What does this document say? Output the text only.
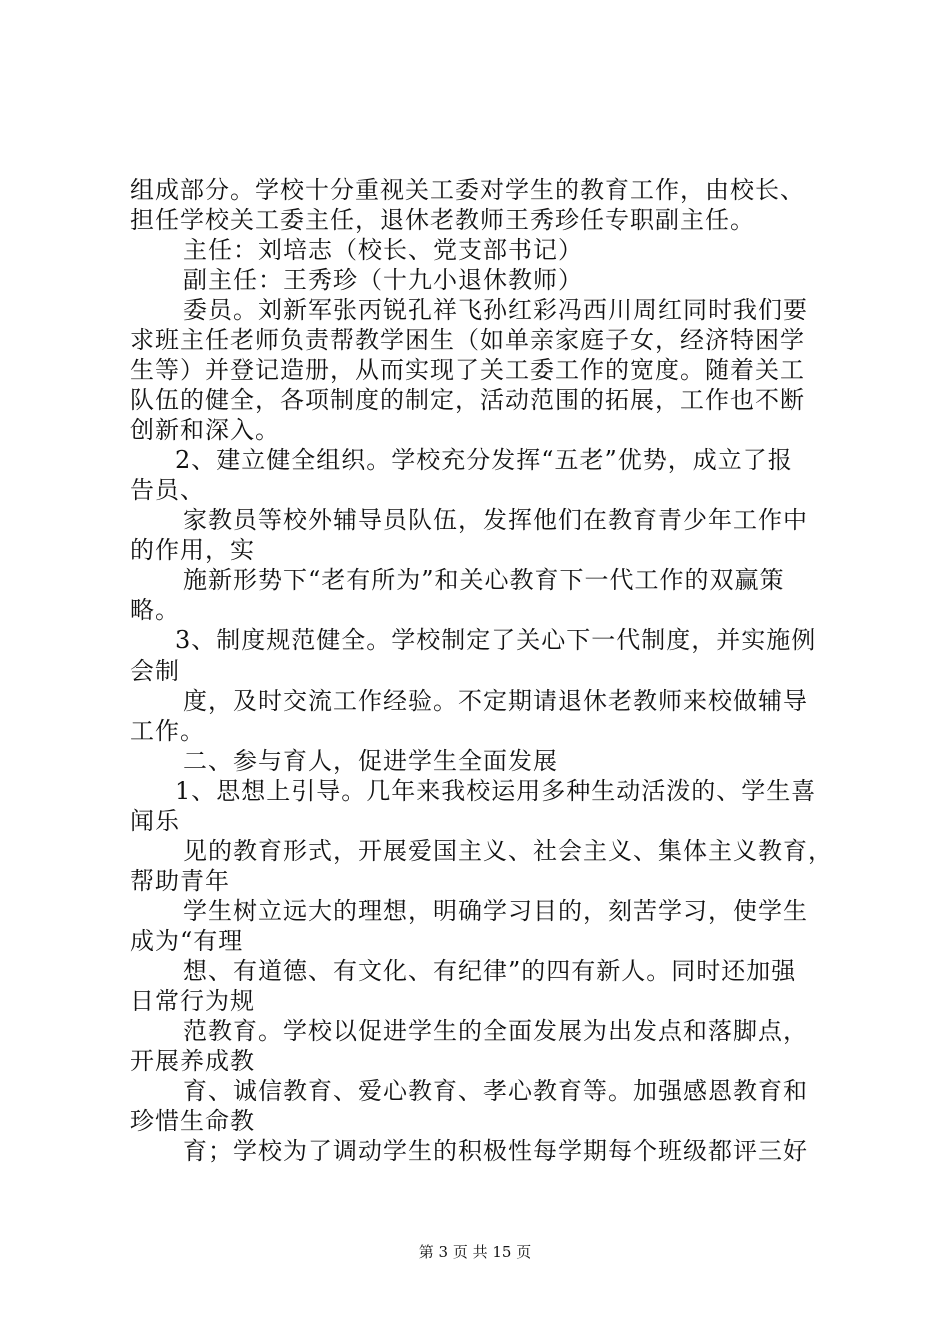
组成部分。学校十分重视关工委对学生的教育工作，由校长、
担任学校关工委主任，退休老教师王秀珍任专职副主任。
主任：刘培志（校长、党支部书记）
副主任：王秀珍（十九小退休教师）
委员。刘新军张丙锐孔祥飞孙红彩冯西川周红同时我们要
求班主任老师负责帮教学困生（如单亲家庭子女，经济特困学
生等）并登记造册，从而实现了关工委工作的宽度。随着关工
队伍的健全，各项制度的制定，活动范围的拓展，工作也不断
创新和深入。
2、建立健全组织。学校充分发挥“五老”优势，成立了报
告员、
家教员等校外辅导员队伍，发挥他们在教育青少年工作中
的作用，实
施新形势下“老有所为”和关心教育下一代工作的双赢策
略。
3、制度规范健全。学校制定了关心下一代制度，并实施例
会制
度，及时交流工作经验。不定期请退休老教师来校做辅导
工作。
二、参与育人，促进学生全面发展
1、思想上引导。几年来我校运用多种生动活泼的、学生喜
闻乐
见的教育形式，开展爱国主义、社会主义、集体主义教育，
帮助青年
学生树立远大的理想，明确学习目的，刻苦学习，使学生
成为“有理
想、有道德、有文化、有纪律”的四有新人。同时还加强
日常行为规
范教育。学校以促进学生的全面发展为出发点和落脚点，
开展养成教
育、诚信教育、爱心教育、孝心教育等。加强感恩教育和
珍惜生命教
育；学校为了调动学生的积极性每学期每个班级都评三好
第 3 页 共 15 页
